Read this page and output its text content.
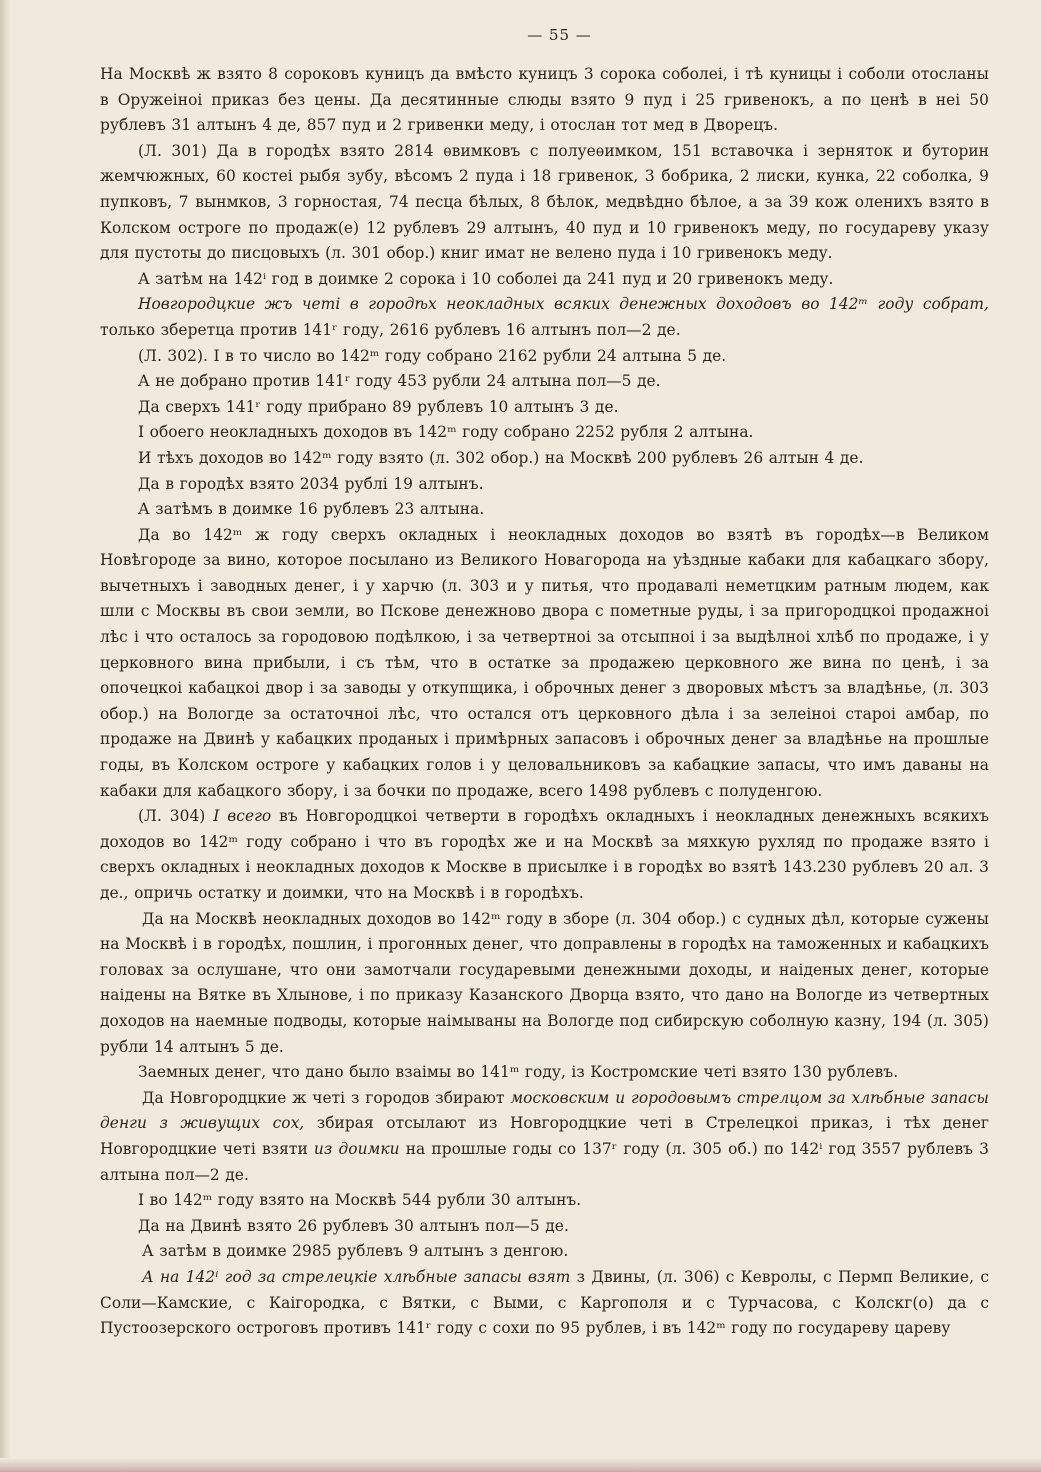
— 55 —

На Москвѣ ж взято 8 сороковъ куницъ да вмѣсто куницъ 3 сорока соболеі, і тѣ куницы і соболи отосланы в Оружеіноі приказ без цены. Да десятинные слюды взято 9 пуд і 25 гривенокъ, а по ценѣ в неі 50 рублевъ 31 алтынъ 4 де, 857 пуд и 2 гривенки меду, і отослан тот мед в Дворецъ.

(Л. 301) Да в городѣх взято 2814 ѳвимковъ с полуеѳимком, 151 вставочка і зерняток и буторин жемчюжных, 60 костеі рыбя зубу, вѣсомъ 2 пуда і 18 гривенок, 3 бобрика, 2 лиски, кунка, 22 соболка, 9 пупковъ, 7 вынмков, 3 горностая, 74 песца бѣлых, 8 бѣлок, медвѣдно бѣлое, а за 39 кож оленихъ взято в Колском остроге по продаж(е) 12 рублевъ 29 алтынъ, 40 пуд и 10 гривенокъ меду, по государеву указу для пустоты до писцовыхъ (л. 301 обор.) книг имат не велено пуда і 10 гривенокъ меду.

А затѣм на 142ⁱ год в доимке 2 сорока і 10 соболеі да 241 пуд и 20 гривенокъ меду.

Новгородцкие жъ четі в городѣх неокладных всяких денежных доходовъ во 142ᵐ году собрат, только зберетца против 141ʳ году, 2616 рублевъ 16 алтынъ пол—2 де.

(Л. 302). І в то число во 142ᵐ году собрано 2162 рубли 24 алтына 5 де.

А не добрано против 141ʳ году 453 рубли 24 алтына пол—5 де.

Да сверхъ 141ʳ году прибрано 89 рублевъ 10 алтынъ 3 де.

І обоего неокладныхъ доходов въ 142ᵐ году собрано 2252 рубля 2 алтына.

И тѣхъ доходов во 142ᵐ году взято (л. 302 обор.) на Москвѣ 200 рублевъ 26 алтын 4 де.

Да в городѣх взято 2034 рублі 19 алтынъ.

А затѣмъ в доимке 16 рублевъ 23 алтына.

Да во 142ᵐ ж году сверхъ окладных і неокладных доходов во взятѣ въ городѣх—в Великом Новѣгороде за вино, которое посылано из Великого Новагорода на уѣздные кабаки для кабацкаго збору, вычетныхъ і заводных денег, і у харчю (л. 303 и у питья, что продавалі неметцким ратным людем, как шли с Москвы въ свои земли, во Пскове денежново двора с пометные руды, і за пригородцкоі продажноі лѣс і что осталось за городовою подѣлкою, і за четвертноі за отсыпноі і за выдѣлноі хлѣб по продаже, і у церковного вина прибыли, і съ тѣм, что в остатке за продажею церковного же вина по ценѣ, і за опочецкоі кабацкоі двор і за заводы у откупщика, і оброчных денег з дворовых мѣстъ за владѣнье, (л. 303 обор.) на Вологде за остаточноі лѣс, что остался отъ церковного дѣла і за зелеіноі староі амбар, по продаже на Двинѣ у кабацких проданых і примѣрных запасовъ і оброчных денег за владѣнье на прошлые годы, въ Колском остроге у кабацких голов і у целовальниковъ за кабацкие запасы, что имъ даваны на кабаки для кабацкого збору, і за бочки по продаже, всего 1498 рублевъ с полуденгою.

(Л. 304) І всего въ Новгородцкоі четверти в городѣхъ окладныхъ і неокладных денежныхъ всякихъ доходов во 142ᵐ году собрано і что въ городѣх же и на Москвѣ за мяхкую рухляд по продаже взято і сверхъ окладных і неокладных доходов к Москве в присылке і в городѣх во взятѣ 143.230 рублевъ 20 ал. 3 де., опричь остатку и доимки, что на Москвѣ і в городѣхъ.

Да на Москвѣ неокладных доходов во 142ᵐ году в зборе (л. 304 обор.) с судных дѣл, которые сужены на Москвѣ і в городѣх, пошлин, і прогонных денег, что доправлены в городѣх на таможенных и кабацкихъ головах за ослушане, что они замотчали государевыми денежными доходы, и наіденых денег, которые наідены на Вятке въ Хлынове, і по приказу Казанского Дворца взято, что дано на Вологде из четвертных доходов на наемные подводы, которые наімываны на Вологде под сибирскую соболную казну, 194 (л. 305) рубли 14 алтынъ 5 де.

Заемных денег, что дано было взаімы во 141ᵐ году, із Костромские четі взято 130 рублевъ.

Да Новгородцкие ж четі з городов збирают московским и городовымъ стрелцом за хлѣбные запасы денги з живущих сох, збирая отсылают из Новгородцкие четі в Стрелецкоі приказ, і тѣх денег Новгородцкие четі взяти из доимки на прошлые годы со 137ʳ году (л. 305 об.) по 142ⁱ год 3557 рублевъ 3 алтына пол—2 де.

І во 142ᵐ году взято на Москвѣ 544 рубли 30 алтынъ.

Да на Двинѣ взято 26 рублевъ 30 алтынъ пол—5 де.

А затѣм в доимке 2985 рублевъ 9 алтынъ з денгою.

А на 142ⁱ год за стрелецкіе хлѣбные запасы взят з Двины, (л. 306) с Кевролы, с Пермп Великие, с Соли—Камские, с Каігородка, с Вятки, с Выми, с Каргополя и с Турчасова, с Колскг(о) да с Пустоозерского остроговъ противъ 141ʳ году с сохи по 95 рублев, і въ 142ᵐ году по государеву цареву
